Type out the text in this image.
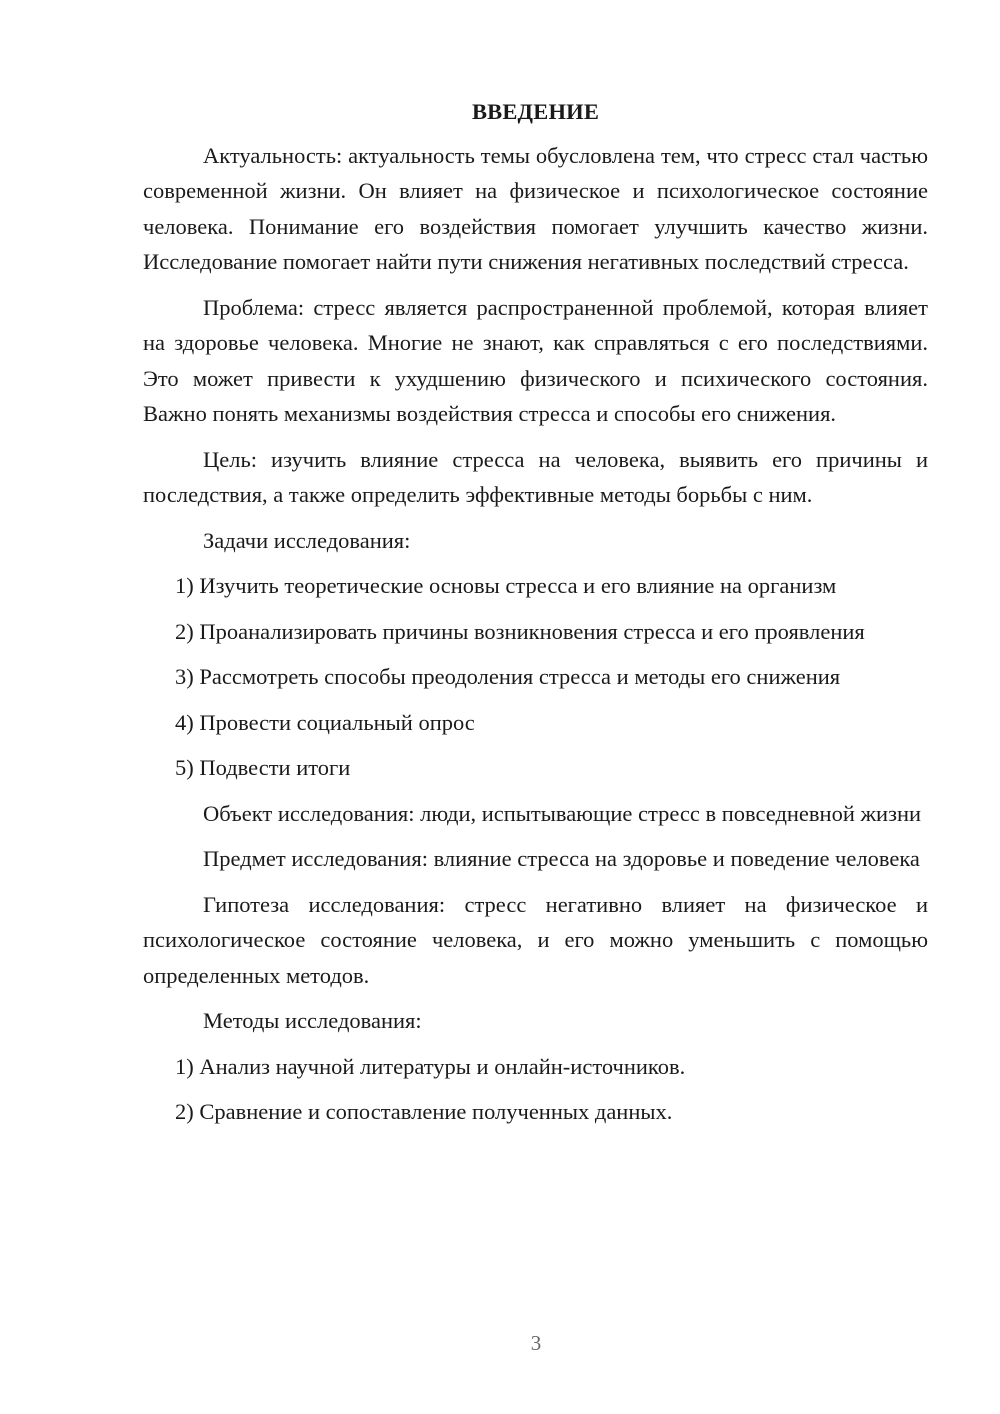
ВВЕДЕНИЕ

Актуальность: актуальность темы обусловлена тем, что стресс стал частью современной жизни. Он влияет на физическое и психологическое состояние человека. Понимание его воздействия помогает улучшить качество жизни. Исследование помогает найти пути снижения негативных последствий стресса.

Проблема: стресс является распространенной проблемой, которая влияет на здоровье человека. Многие не знают, как справляться с его последствиями. Это может привести к ухудшению физического и психического состояния. Важно понять механизмы воздействия стресса и способы его снижения.

Цель: изучить влияние стресса на человека, выявить его причины и последствия, а также определить эффективные методы борьбы с ним.

Задачи исследования:

1) Изучить теоретические основы стресса и его влияние на организм

2) Проанализировать причины возникновения стресса и его проявления

3) Рассмотреть способы преодоления стресса и методы его снижения

4) Провести социальный опрос

5) Подвести итоги

Объект исследования: люди, испытывающие стресс в повседневной жизни

Предмет исследования: влияние стресса на здоровье и поведение человека

Гипотеза исследования: стресс негативно влияет на физическое и психологическое состояние человека, и его можно уменьшить с помощью определенных методов.

Методы исследования:

1) Анализ научной литературы и онлайн-источников.

2) Сравнение и сопоставление полученных данных.

3
